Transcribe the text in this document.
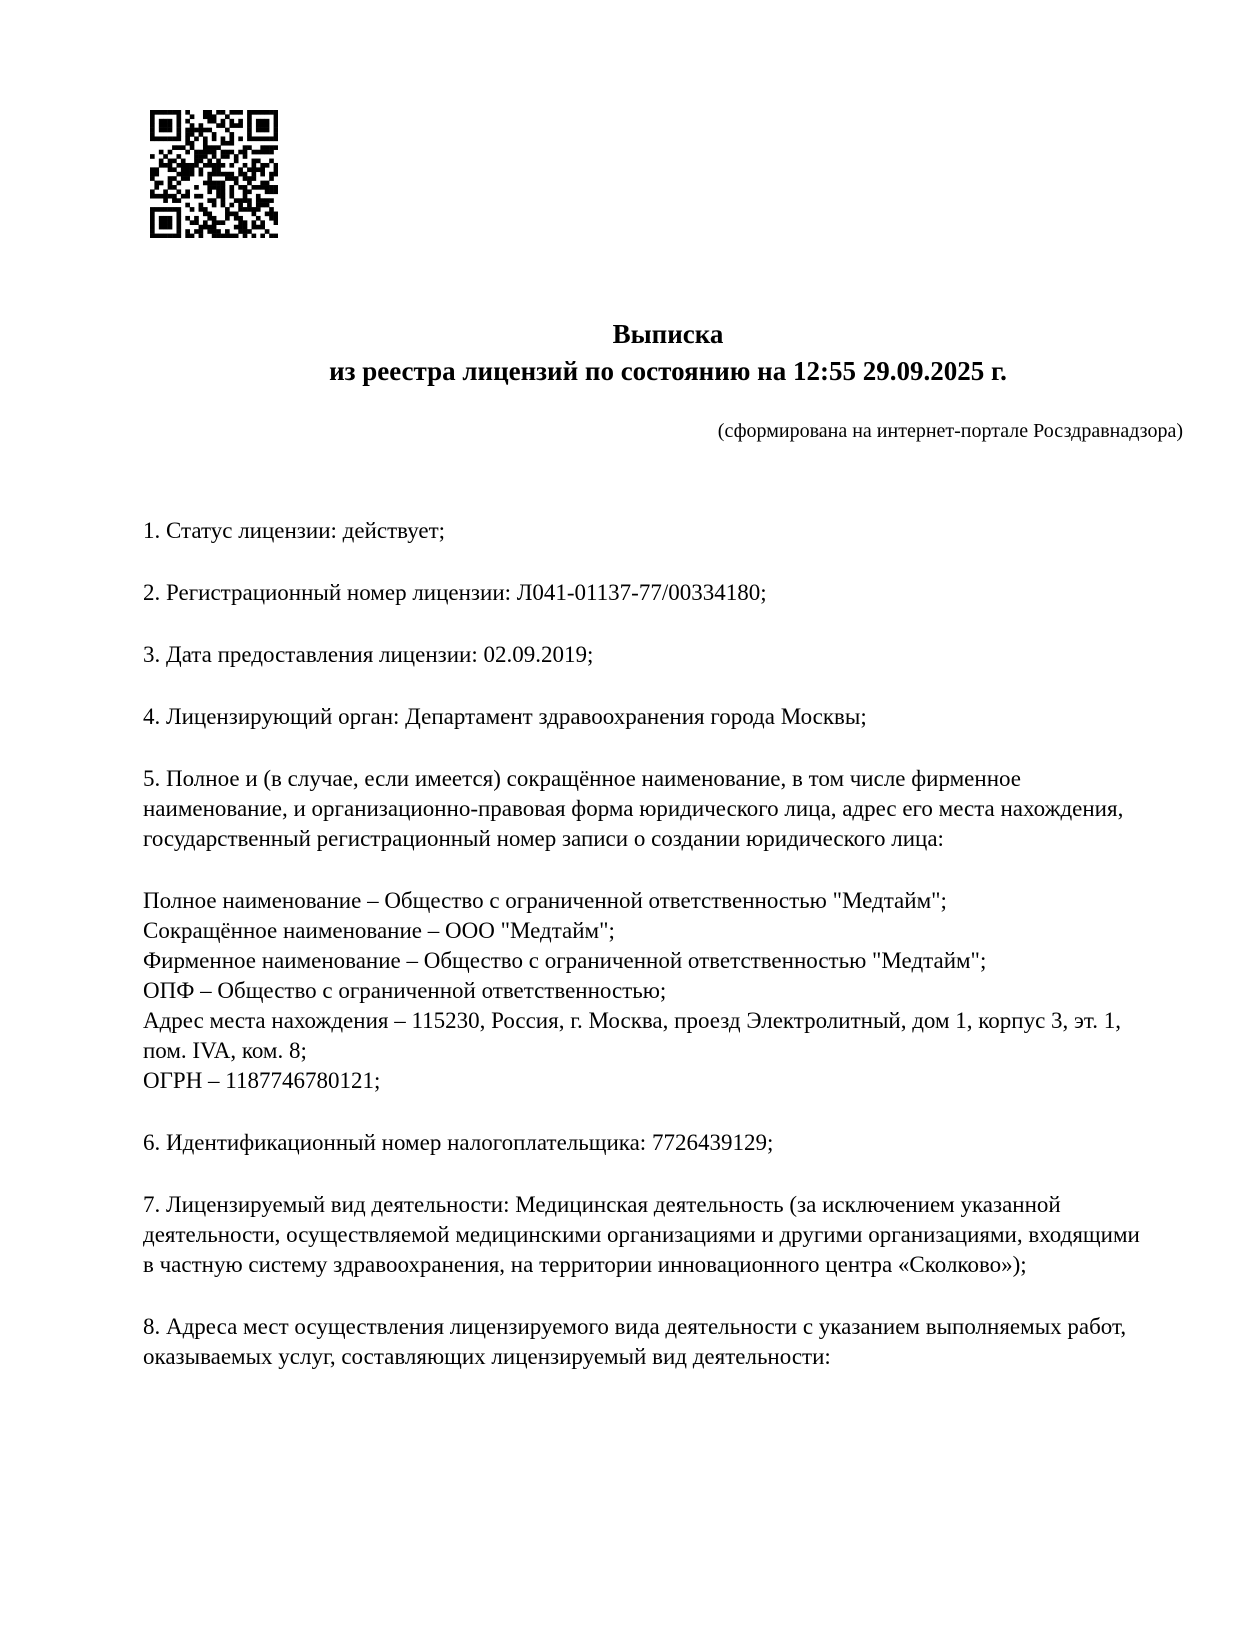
Выписка
из реестра лицензий по состоянию на 12:55 29.09.2025 г.
(сформирована на интернет-портале Росздравнадзора)

1. Статус лицензии: действует;

2. Регистрационный номер лицензии: Л041-01137-77/00334180;

3. Дата предоставления лицензии: 02.09.2019;

4. Лицензирующий орган: Департамент здравоохранения города Москвы;

5. Полное и (в случае, если имеется) сокращённое наименование, в том числе фирменное наименование, и организационно-правовая форма юридического лица, адрес его места нахождения, государственный регистрационный номер записи о создании юридического лица:

Полное наименование – Общество с ограниченной ответственностью "Медтайм";
Сокращённое наименование – ООО "Медтайм";
Фирменное наименование – Общество с ограниченной ответственностью "Медтайм";
ОПФ – Общество с ограниченной ответственностью;
Адрес места нахождения – 115230, Россия, г. Москва, проезд Электролитный, дом 1, корпус 3, эт. 1, пом. IVA, ком. 8;
ОГРН – 1187746780121;

6. Идентификационный номер налогоплательщика: 7726439129;

7. Лицензируемый вид деятельности: Медицинская деятельность (за исключением указанной деятельности, осуществляемой медицинскими организациями и другими организациями, входящими в частную систему здравоохранения, на территории инновационного центра «Сколково»);

8. Адреса мест осуществления лицензируемого вида деятельности с указанием выполняемых работ, оказываемых услуг, составляющих лицензируемый вид деятельности:
